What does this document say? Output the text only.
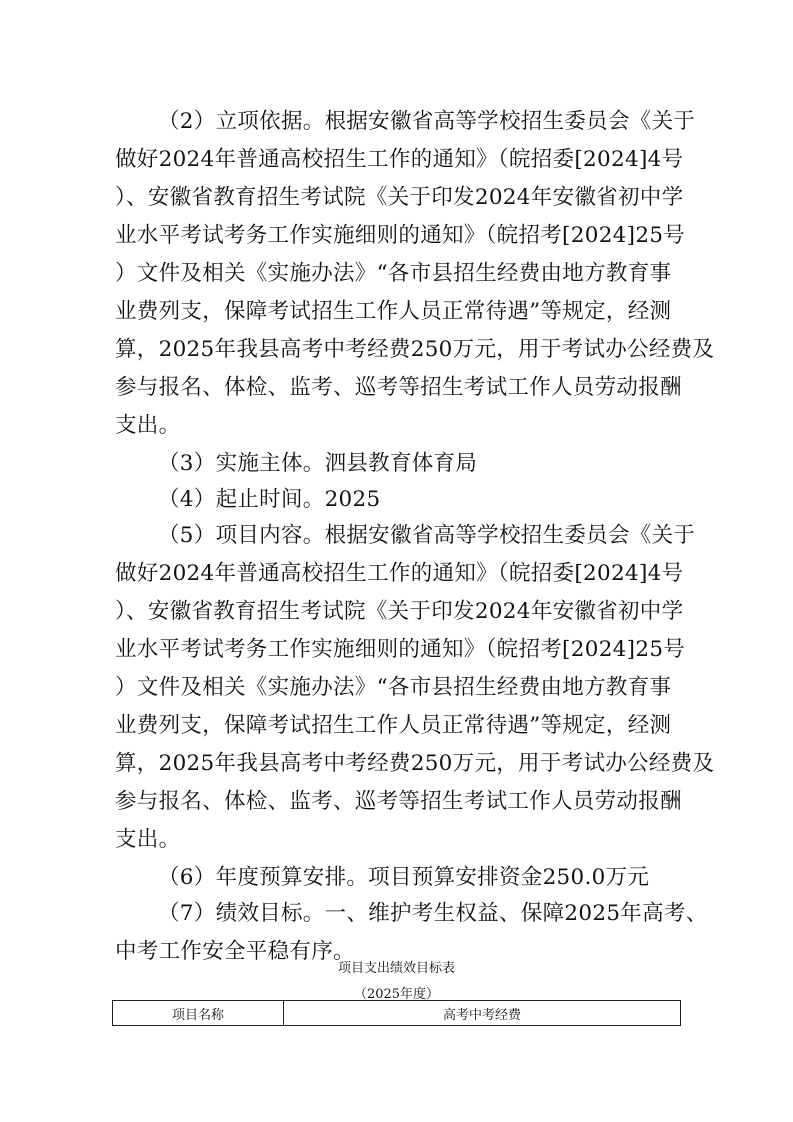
（2）立项依据。根据安徽省高等学校招生委员会《关于
做好2024年普通高校招生工作的通知》（皖招委[2024]4号
）、安徽省教育招生考试院《关于印发2024年安徽省初中学
业水平考试考务工作实施细则的通知》（皖招考[2024]25号
）文件及相关《实施办法》“各市县招生经费由地方教育事
业费列支，保障考试招生工作人员正常待遇”等规定，经测
算，2025年我县高考中考经费250万元，用于考试办公经费及
参与报名、体检、监考、巡考等招生考试工作人员劳动报酬
支出。
（3）实施主体。泗县教育体育局
（4）起止时间。2025
（5）项目内容。根据安徽省高等学校招生委员会《关于
做好2024年普通高校招生工作的通知》（皖招委[2024]4号
）、安徽省教育招生考试院《关于印发2024年安徽省初中学
业水平考试考务工作实施细则的通知》（皖招考[2024]25号
）文件及相关《实施办法》“各市县招生经费由地方教育事
业费列支，保障考试招生工作人员正常待遇”等规定，经测
算，2025年我县高考中考经费250万元，用于考试办公经费及
参与报名、体检、监考、巡考等招生考试工作人员劳动报酬
支出。
（6）年度预算安排。项目预算安排资金250.0万元
（7）绩效目标。一、维护考生权益、保障2025年高考、
中考工作安全平稳有序。
项目支出绩效目标表
（2025年度）
项目名称	高考中考经费
